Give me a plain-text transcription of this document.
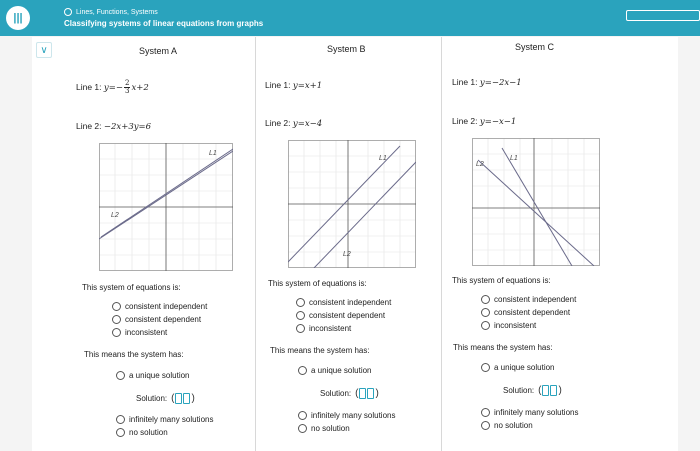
|||	Lines, Functions, Systems
Classifying systems of linear equations from graphs
∨	System A
Line 1: $y=- \frac{2}{3}x+2$
Line 2: −2x+3y=6
L1
L2
This system of equations is:
consistent independent
consistent dependent
inconsistent
This means the system has:
a unique solution
Solution: ( )
infinitely many solutions
no solution
System B
Line 1: y=x+1
Line 2: y=x−4
L1
L2
This system of equations is:
consistent independent
consistent dependent
inconsistent
This means the system has:
a unique solution
Solution: ( )
infinitely many solutions
no solution
System C
Line 1: y=−2x−1
Line 2: y=−x−1
L1
L2
This system of equations is:
consistent independent
consistent dependent
inconsistent
This means the system has:
a unique solution
Solution: ( )
infinitely many solutions
no solution
